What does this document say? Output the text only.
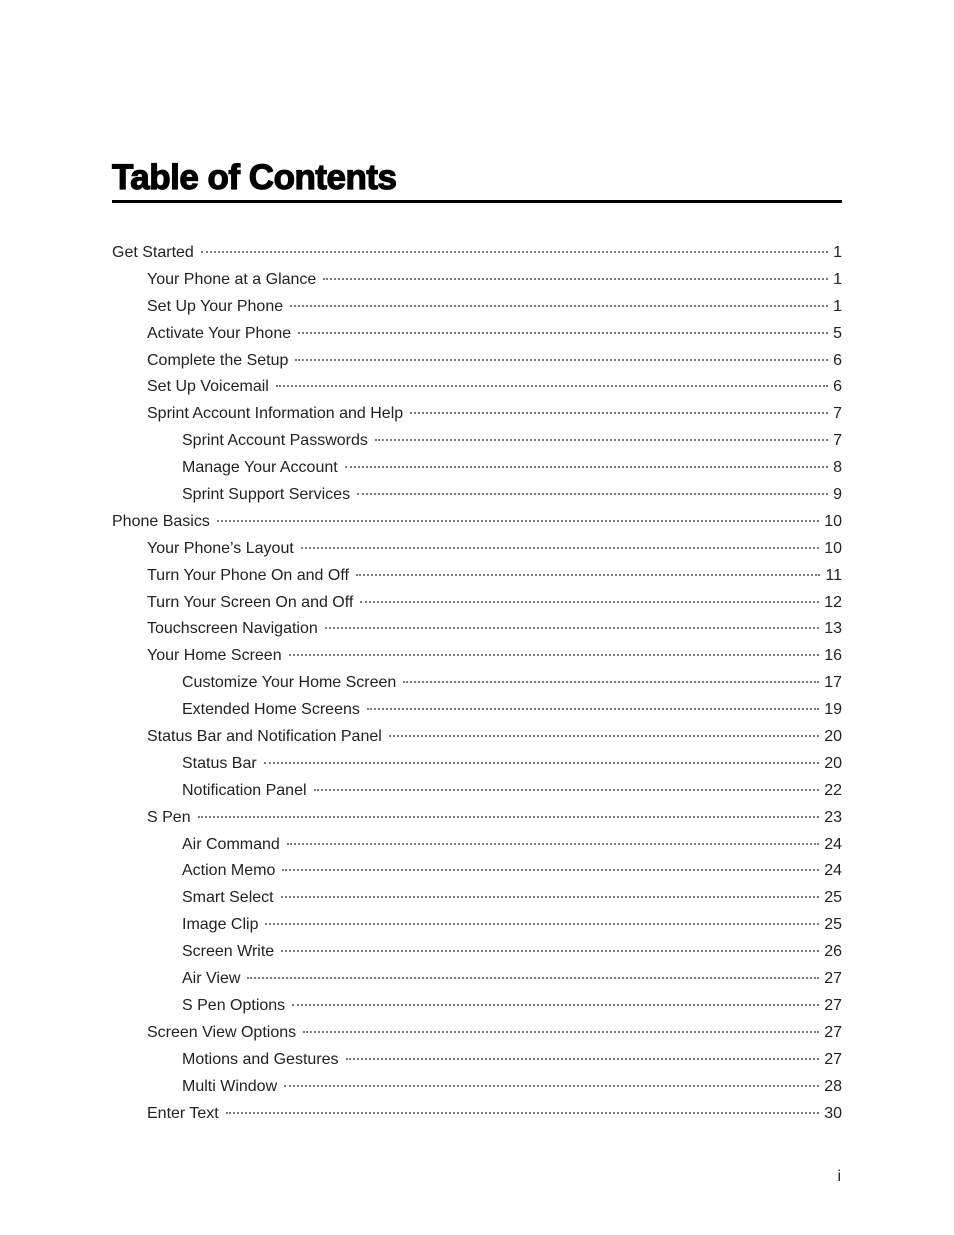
Table of Contents
Get Started	1
Your Phone at a Glance	1
Set Up Your Phone	1
Activate Your Phone	5
Complete the Setup	6
Set Up Voicemail	6
Sprint Account Information and Help	7
Sprint Account Passwords	7
Manage Your Account	8
Sprint Support Services	9
Phone Basics	10
Your Phone’s Layout	10
Turn Your Phone On and Off	11
Turn Your Screen On and Off	12
Touchscreen Navigation	13
Your Home Screen	16
Customize Your Home Screen	17
Extended Home Screens	19
Status Bar and Notification Panel	20
Status Bar	20
Notification Panel	22
S Pen	23
Air Command	24
Action Memo	24
Smart Select	25
Image Clip	25
Screen Write	26
Air View	27
S Pen Options	27
Screen View Options	27
Motions and Gestures	27
Multi Window	28
Enter Text	30
i
